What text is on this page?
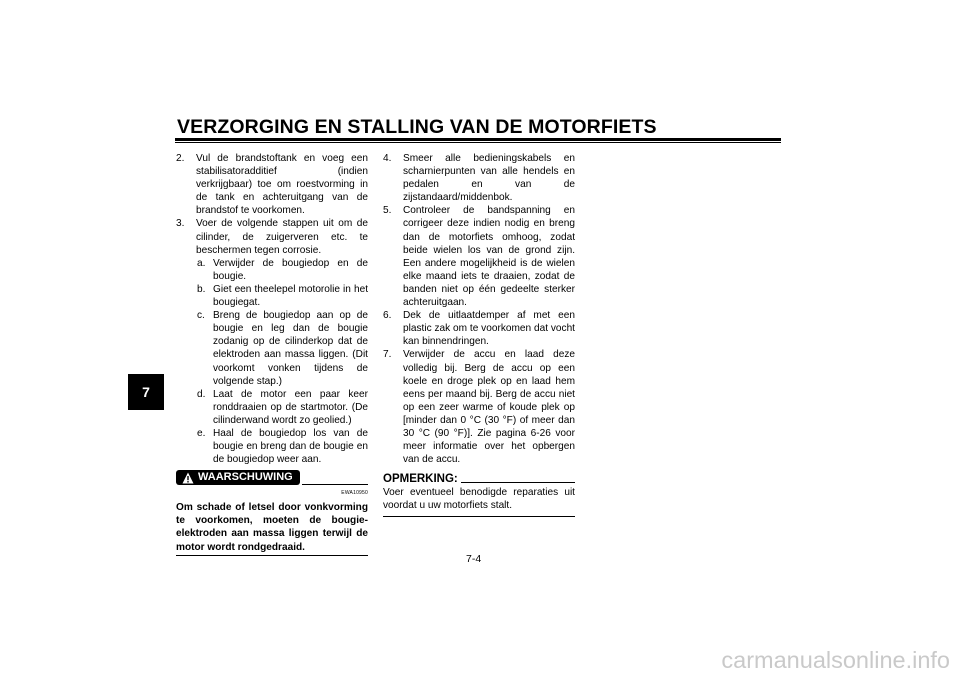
VERZORGING EN STALLING VAN DE MOTORFIETS
7
2.	Vul de brandstoftank en voeg een stabilisatoradditief (indien verkrijgbaar) toe om roestvorming in de tank en achteruitgang van de brandstof te voorkomen.
3.	Voer de volgende stappen uit om de cilinder, de zuigerveren etc. te beschermen tegen corrosie.
a. Verwijder de bougiedop en de bougie.
b. Giet een theelepel motorolie in het bougiegat.
c. Breng de bougiedop aan op de bougie en leg dan de bougie zodanig op de cilinderkop dat de elektroden aan massa liggen. (Dit voorkomt vonken tijdens de volgende stap.)
d. Laat de motor een paar keer ronddraaien op de startmotor. (De cilinderwand wordt zo geolied.)
e. Haal de bougiedop los van de bougie en breng dan de bougie en de bougiedop weer aan.
WAARSCHUWING
EWA10950
Om schade of letsel door vonkvorming te voorkomen, moeten de bougie-elektroden aan massa liggen terwijl de motor wordt rondgedraaid.
4.	Smeer alle bedieningskabels en scharnierpunten van alle hendels en pedalen en van de zijstandaard/middenbok.
5.	Controleer de bandspanning en corrigeer deze indien nodig en breng dan de motorfiets omhoog, zodat beide wielen los van de grond zijn. Een andere mogelijkheid is de wielen elke maand iets te draaien, zodat de banden niet op één gedeelte sterker achteruitgaan.
6.	Dek de uitlaatdemper af met een plastic zak om te voorkomen dat vocht kan binnendringen.
7.	Verwijder de accu en laad deze volledig bij. Berg de accu op een koele en droge plek op en laad hem eens per maand bij. Berg de accu niet op een zeer warme of koude plek op [minder dan 0 °C (30 °F) of meer dan 30 °C (90 °F)]. Zie pagina 6-26 voor meer informatie over het opbergen van de accu.
OPMERKING:
Voer eventueel benodigde reparaties uit voordat u uw motorfiets stalt.
7-4
carmanualsonline.info
